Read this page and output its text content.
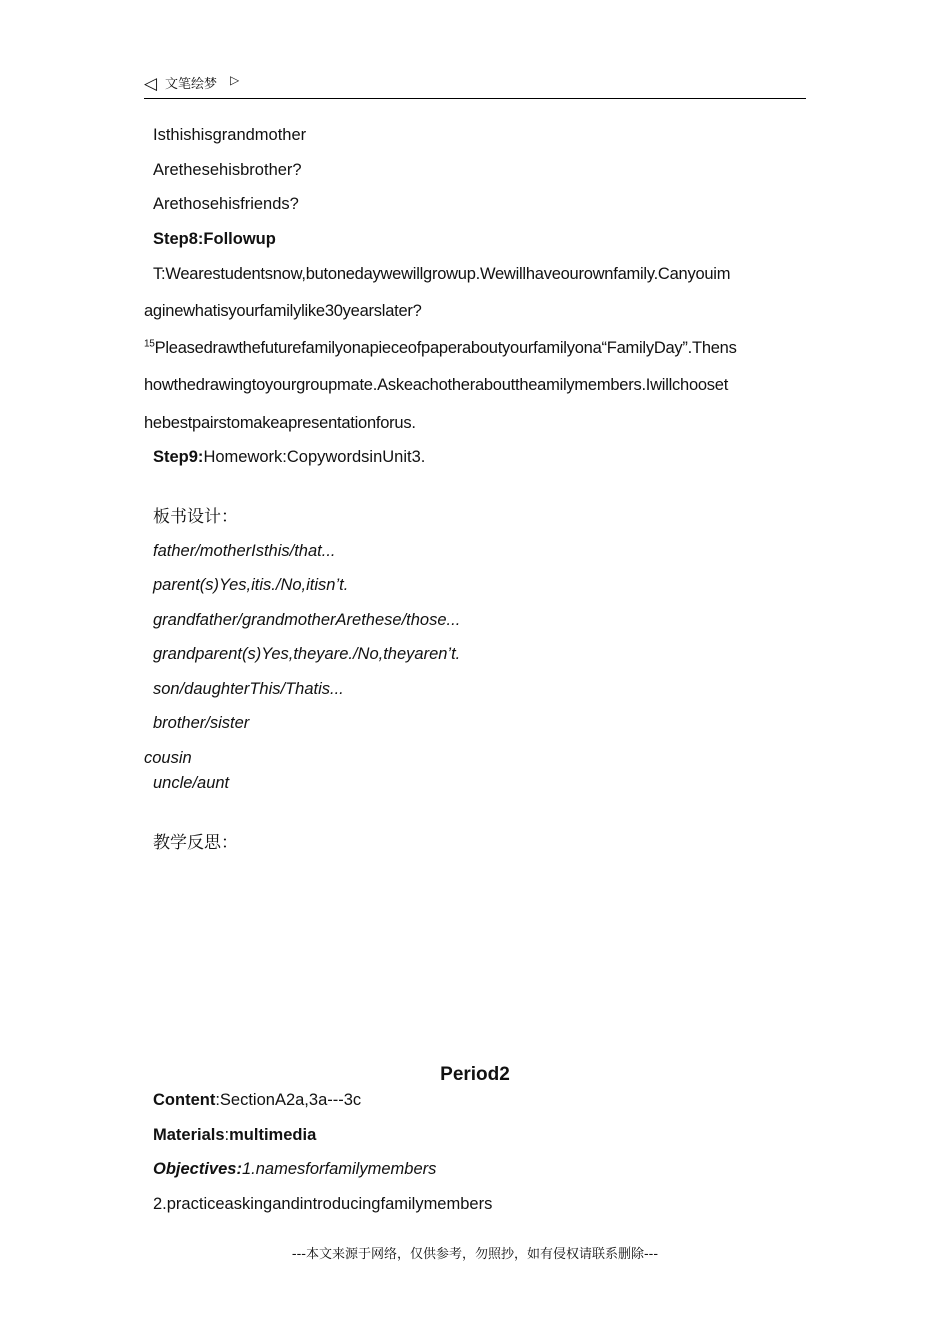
◁ 文笔绘梦 ▷
Isthishisgrandmother
Arethesehisbrother?
Arethosehisfriends?
Step8:Followup
T:Wearestudentsnow,butonedaywewillgrowup.Wewillhaveourownfamily.Canyouim
aginewhatisyourfamilylike30yearslater?
$^{15}$Pleasedrawthefuturefamilyonapieceofpaperaboutyourfamilyona“FamilyDay”.Thens
howthedrawingtoyourgroupmate.Askeachotherabouttheamilymembers.Iwillchooset
hebestpairstomakeapresentationforus.
Step9:Homework:CopywordsinUnit3.
板书设计：
father/motherIsthis/that...
parent(s)Yes,itis./No,itisn’t.
grandfather/grandmotherArethese/those...
grandparent(s)Yes,theyare./No,theyaren’t.
son/daughterThis/Thatis...
brother/sister
cousin
uncle/aunt
教学反思：
Period2
Content:SectionA2a,3a---3c
Materials:multimedia
Objectives:1.namesforfamilymembers
2.practiceaskingandintroducingfamilymembers
---本文来源于网络，仅供参考，勿照抄，如有侵权请联系删除---
